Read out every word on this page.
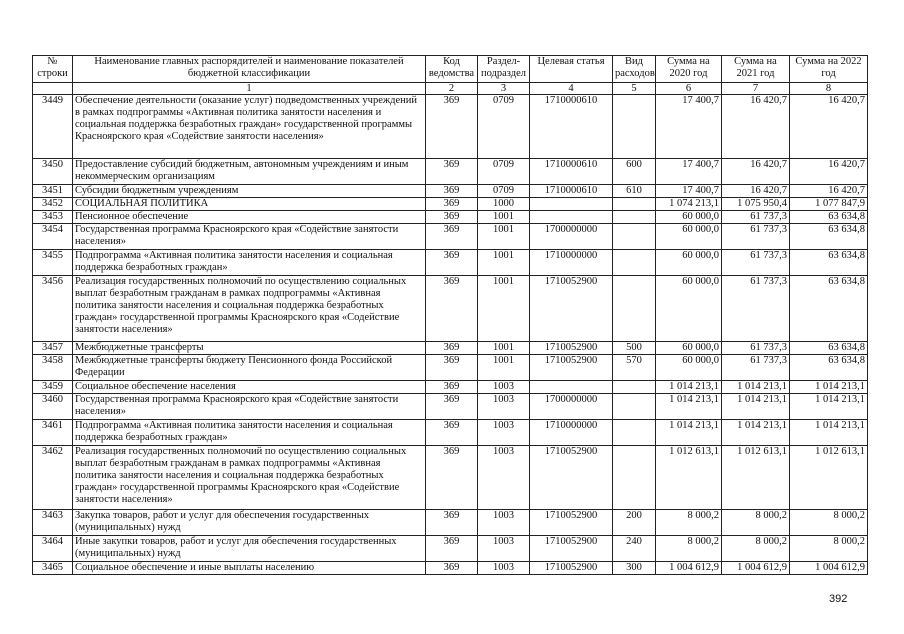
№ строки	Наименование главных распорядителей и наименование показателей бюджетной классификации	Код ведомства	Раздел-подраздел	Целевая статья	Вид расходов	Сумма на 2020 год	Сумма на 2021 год	Сумма на 2022 год
	1	2	3	4	5	6	7	8
3449	Обеспечение деятельности (оказание услуг) подведомственных учреждений в рамках подпрограммы «Активная политика занятости населения и социальная поддержка безработных граждан» государственной программы Красноярского края «Содействие занятости населения»	369	0709	1710000610		17 400,7	16 420,7	16 420,7
3450	Предоставление субсидий бюджетным, автономным учреждениям и иным некоммерческим организациям	369	0709	1710000610	600	17 400,7	16 420,7	16 420,7
3451	Субсидии бюджетным учреждениям	369	0709	1710000610	610	17 400,7	16 420,7	16 420,7
3452	СОЦИАЛЬНАЯ ПОЛИТИКА	369	1000			1 074 213,1	1 075 950,4	1 077 847,9
3453	Пенсионное обеспечение	369	1001			60 000,0	61 737,3	63 634,8
3454	Государственная программа Красноярского края «Содействие занятости населения»	369	1001	1700000000		60 000,0	61 737,3	63 634,8
3455	Подпрограмма «Активная политика занятости населения и социальная поддержка безработных граждан»	369	1001	1710000000		60 000,0	61 737,3	63 634,8
3456	Реализация государственных полномочий по осуществлению социальных выплат безработным гражданам в рамках подпрограммы «Активная политика занятости населения и социальная поддержка безработных граждан» государственной программы Красноярского края «Содействие занятости населения»	369	1001	1710052900		60 000,0	61 737,3	63 634,8
3457	Межбюджетные трансферты	369	1001	1710052900	500	60 000,0	61 737,3	63 634,8
3458	Межбюджетные трансферты бюджету Пенсионного фонда Российской Федерации	369	1001	1710052900	570	60 000,0	61 737,3	63 634,8
3459	Социальное обеспечение населения	369	1003			1 014 213,1	1 014 213,1	1 014 213,1
3460	Государственная программа Красноярского края «Содействие занятости населения»	369	1003	1700000000		1 014 213,1	1 014 213,1	1 014 213,1
3461	Подпрограмма «Активная политика занятости населения и социальная поддержка безработных граждан»	369	1003	1710000000		1 014 213,1	1 014 213,1	1 014 213,1
3462	Реализация государственных полномочий по осуществлению социальных выплат безработным гражданам в рамках подпрограммы «Активная политика занятости населения и социальная поддержка безработных граждан» государственной программы Красноярского края «Содействие занятости населения»	369	1003	1710052900		1 012 613,1	1 012 613,1	1 012 613,1
3463	Закупка товаров, работ и услуг для обеспечения государственных (муниципальных) нужд	369	1003	1710052900	200	8 000,2	8 000,2	8 000,2
3464	Иные закупки товаров, работ и услуг для обеспечения государственных (муниципальных) нужд	369	1003	1710052900	240	8 000,2	8 000,2	8 000,2
3465	Социальное обеспечение и иные выплаты населению	369	1003	1710052900	300	1 004 612,9	1 004 612,9	1 004 612,9
392
